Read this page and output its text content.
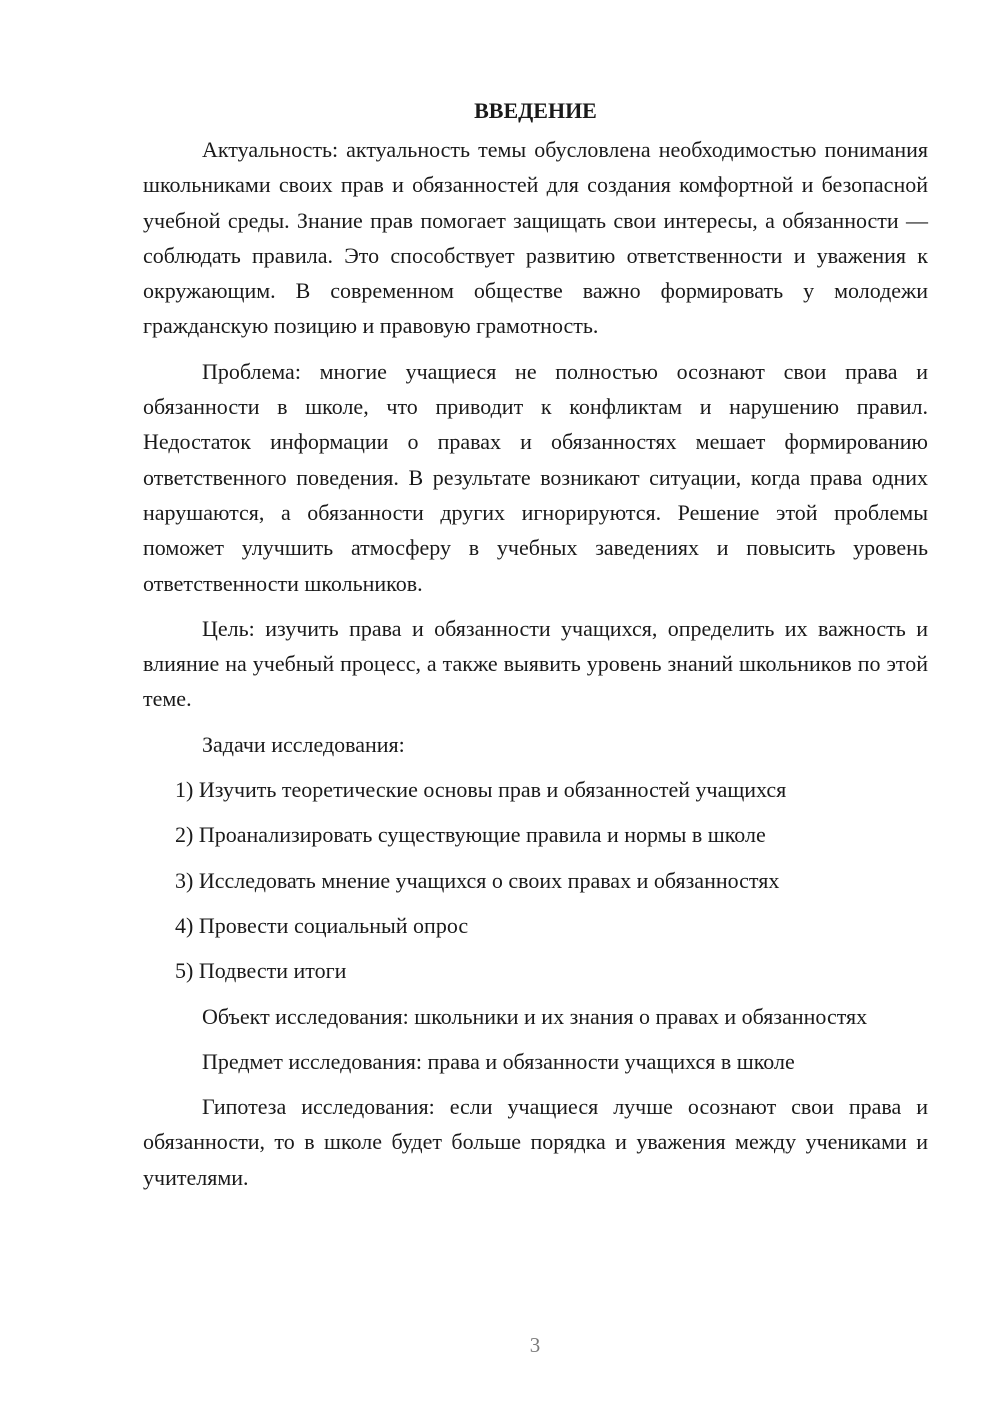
ВВЕДЕНИЕ

Актуальность: актуальность темы обусловлена необходимостью понимания школьниками своих прав и обязанностей для создания комфортной и безопасной учебной среды. Знание прав помогает защищать свои интересы, а обязанности — соблюдать правила. Это способствует развитию ответственности и уважения к окружающим. В современном обществе важно формировать у молодежи гражданскую позицию и правовую грамотность.

Проблема: многие учащиеся не полностью осознают свои права и обязанности в школе, что приводит к конфликтам и нарушению правил. Недостаток информации о правах и обязанностях мешает формированию ответственного поведения. В результате возникают ситуации, когда права одних нарушаются, а обязанности других игнорируются. Решение этой проблемы поможет улучшить атмосферу в учебных заведениях и повысить уровень ответственности школьников.

Цель: изучить права и обязанности учащихся, определить их важность и влияние на учебный процесс, а также выявить уровень знаний школьников по этой теме.

Задачи исследования:
1) Изучить теоретические основы прав и обязанностей учащихся
2) Проанализировать существующие правила и нормы в школе
3) Исследовать мнение учащихся о своих правах и обязанностях
4) Провести социальный опрос
5) Подвести итоги

Объект исследования: школьники и их знания о правах и обязанностях

Предмет исследования: права и обязанности учащихся в школе

Гипотеза исследования: если учащиеся лучше осознают свои права и обязанности, то в школе будет больше порядка и уважения между учениками и учителями.

3
